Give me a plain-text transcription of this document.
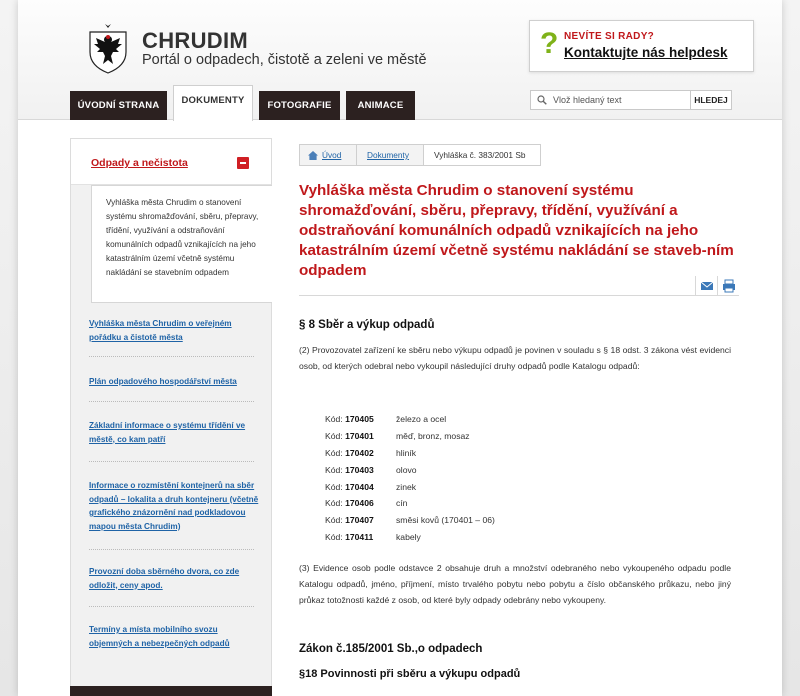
CHRUDIM
Portál o odpadech, čistotě a zeleni ve městě	? NEVÍTE SI RADY?
Kontaktujte nás helpdesk
ÚVODNÍ STRANA	DOKUMENTY	FOTOGRAFIE	ANIMACE	Vlož hledaný text	HLEDEJ
Odpady a nečistota
Vyhláška města Chrudim o stanovení systému shromažďování, sběru, přepravy, třídění, využívání a odstraňování komunálních odpadů vznikajících na jeho katastrálním území včetně systému nakládání se stavebním odpadem
Vyhláška města Chrudim o veřejném pořádku a čistotě města
Plán odpadového hospodářství města
Základní informace o systému třídění ve městě, co kam patří
Informace o rozmístění kontejnerů na sběr odpadů – lokalita a druh kontejneru (včetně grafického znázornění nad podkladovou mapou města Chrudim)
Provozní doba sběrného dvora, co zde odložit, ceny apod.
Termíny a místa mobilního svozu objemných a nebezpečných odpadů
Úvod	Dokumenty	Vyhláška č. 383/2001 Sb
Vyhláška města Chrudim o stanovení systému shromažďování, sběru, přepravy, třídění, využívání a odstraňování komunálních odpadů vznikajících na jeho katastrálním území včetně systému nakládání se staveb-ním odpadem
§ 8 Sběr a výkup odpadů
(2) Provozovatel zařízení ke sběru nebo výkupu odpadů je povinen v souladu s § 18 odst. 3 zákona vést evidenci osob, od kterých odebral nebo vykoupil následující druhy odpadů podle Katalogu odpadů:
Kód: 170405	železo a ocel
Kód: 170401	měď, bronz, mosaz
Kód: 170402	hliník
Kód: 170403	olovo
Kód: 170404	zinek
Kód: 170406	cín
Kód: 170407	směsi kovů (170401 – 06)
Kód: 170411	kabely
(3) Evidence osob podle odstavce 2 obsahuje druh a množství odebraného nebo vykoupeného odpadu podle Katalogu odpadů, jméno, příjmení, místo trvalého pobytu nebo pobytu a číslo občanského průkazu, nebo jiný průkaz totožnosti každé z osob, od které byly odpady odebrány nebo vykoupeny.
Zákon č.185/2001 Sb.,o odpadech
§18 Povinnosti při sběru a výkupu odpadů
